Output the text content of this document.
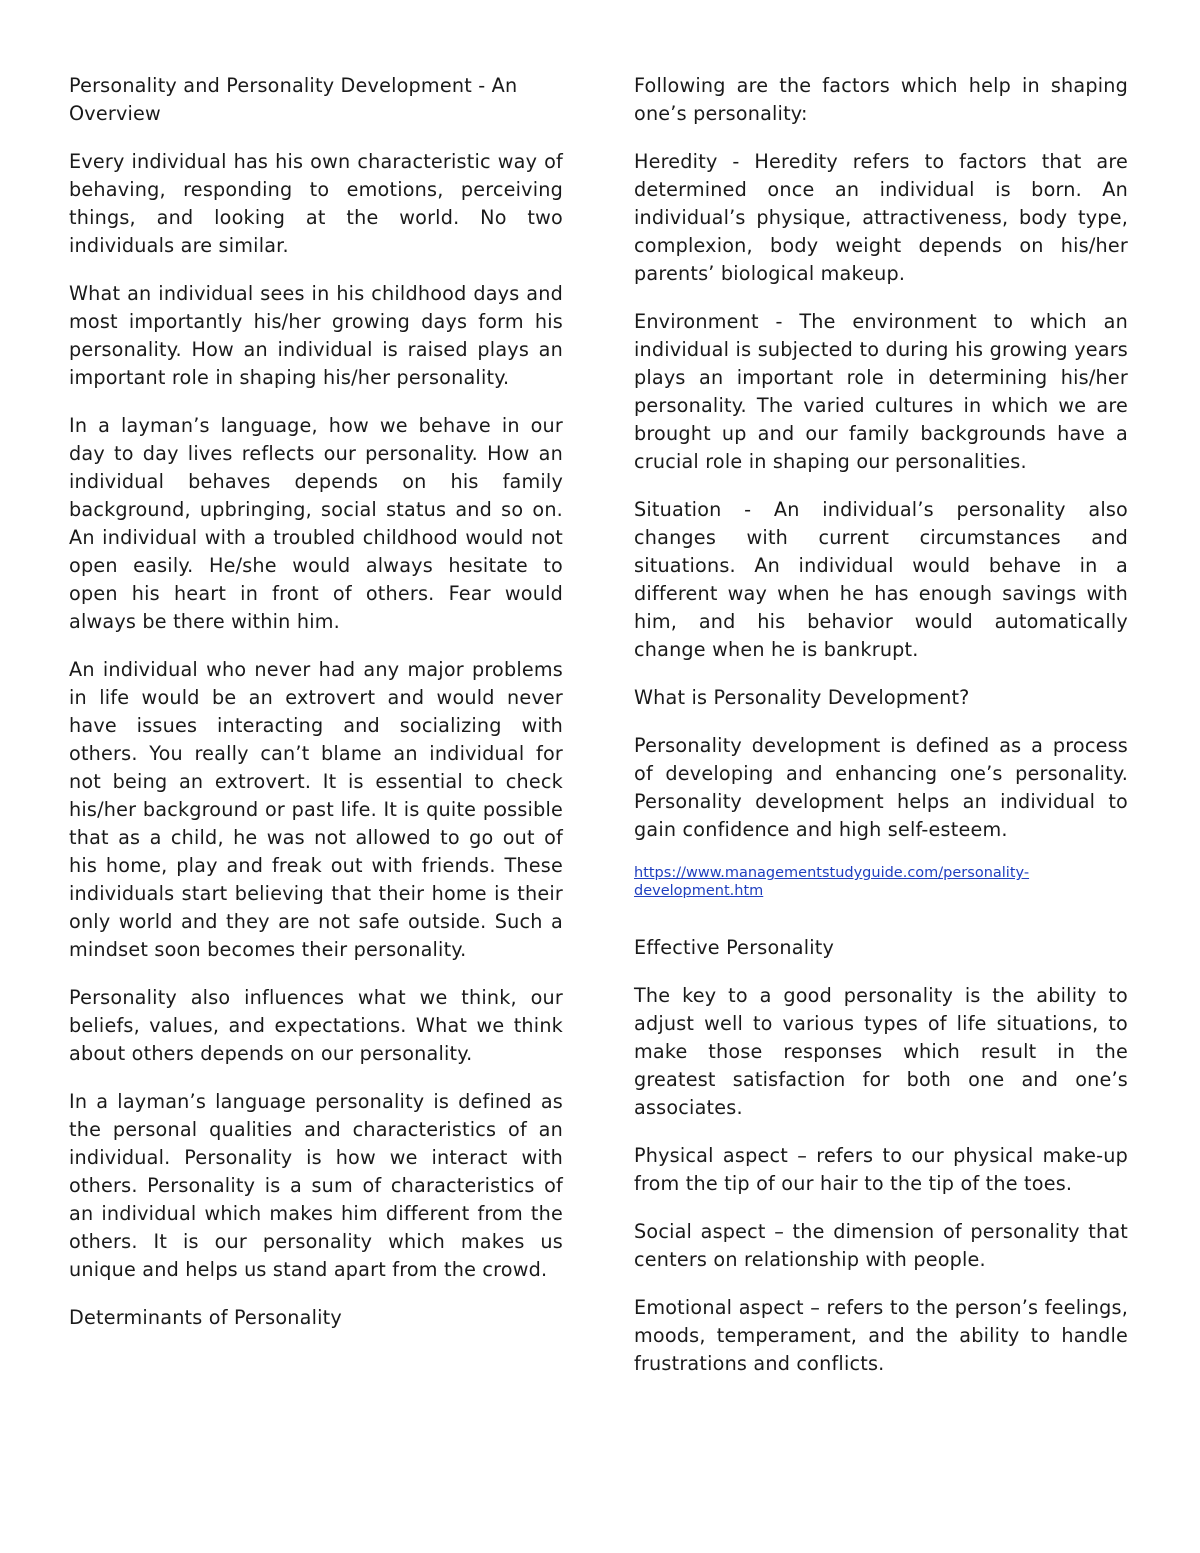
Personality and Personality Development - An Overview

Every individual has his own characteristic way of behaving, responding to emotions, perceiving things, and looking at the world. No two individuals are similar.

What an individual sees in his childhood days and most importantly his/her growing days form his personality. How an individual is raised plays an important role in shaping his/her personality.

In a layman’s language, how we behave in our day to day lives reflects our personality. How an individual behaves depends on his family background, upbringing, social status and so on. An individual with a troubled childhood would not open easily. He/she would always hesitate to open his heart in front of others. Fear would always be there within him.

An individual who never had any major problems in life would be an extrovert and would never have issues interacting and socializing with others. You really can’t blame an individual for not being an extrovert. It is essential to check his/her background or past life. It is quite possible that as a child, he was not allowed to go out of his home, play and freak out with friends. These individuals start believing that their home is their only world and they are not safe outside. Such a mindset soon becomes their personality.

Personality also influences what we think, our beliefs, values, and expectations. What we think about others depends on our personality.

In a layman’s language personality is defined as the personal qualities and characteristics of an individual. Personality is how we interact with others. Personality is a sum of characteristics of an individual which makes him different from the others. It is our personality which makes us unique and helps us stand apart from the crowd.

Determinants of Personality

Following are the factors which help in shaping one’s personality:

Heredity - Heredity refers to factors that are determined once an individual is born. An individual’s physique, attractiveness, body type, complexion, body weight depends on his/her parents’ biological makeup.

Environment - The environment to which an individual is subjected to during his growing years plays an important role in determining his/her personality. The varied cultures in which we are brought up and our family backgrounds have a crucial role in shaping our personalities.

Situation - An individual’s personality also changes with current circumstances and situations. An individual would behave in a different way when he has enough savings with him, and his behavior would automatically change when he is bankrupt.

What is Personality Development?

Personality development is defined as a process of developing and enhancing one’s personality. Personality development helps an individual to gain confidence and high self-esteem.

https://www.managementstudyguide.com/personality-development.htm

Effective Personality

The key to a good personality is the ability to adjust well to various types of life situations, to make those responses which result in the greatest satisfaction for both one and one’s associates.

Physical aspect – refers to our physical make-up from the tip of our hair to the tip of the toes.

Social aspect – the dimension of personality that centers on relationship with people.

Emotional aspect – refers to the person’s feelings, moods, temperament, and the ability to handle frustrations and conflicts.
